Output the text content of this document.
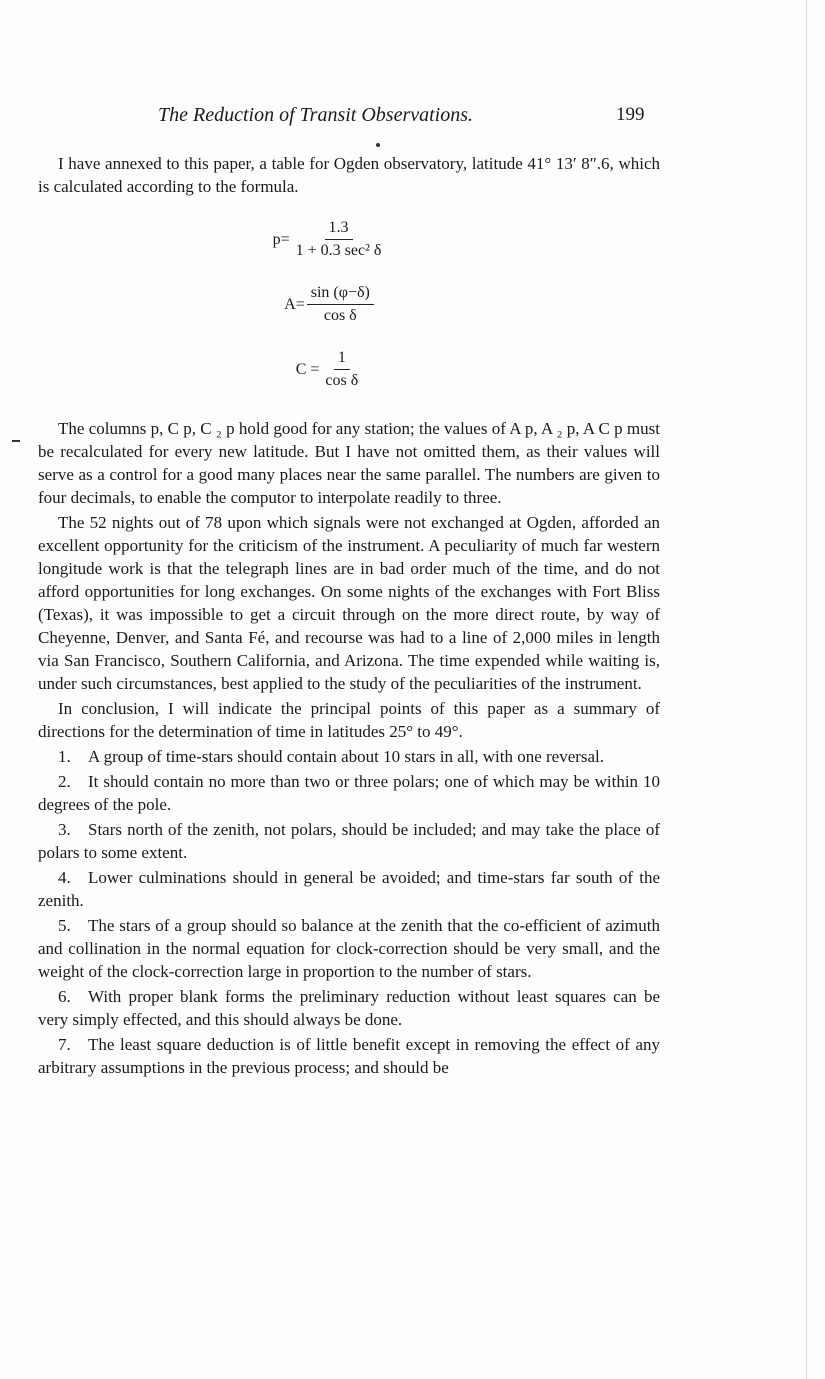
The Reduction of Transit Observations.	199

I have annexed to this paper, a table for Ogden observatory, latitude 41° 13′ 8″.6, which is calculated according to the formula.

$p= \frac{1.3}{\text{1 + 0.3 sec² δ}}$
$A= \frac{\sin (\varphi-\delta)}{\text{cos δ}}$
$C = \frac{1}{\text{cos δ}}$

The columns p, C p, C ₂ p hold good for any station; the values of A p, A ₂ p, A C p must be recalculated for every new latitude. But I have not omitted them, as their values will serve as a control for a good many places near the same parallel. The numbers are given to four decimals, to enable the computor to interpolate readily to three.

The 52 nights out of 78 upon which signals were not exchanged at Ogden, afforded an excellent opportunity for the criticism of the instrument. A peculiarity of much far western longitude work is that the telegraph lines are in bad order much of the time, and do not afford opportunities for long exchanges. On some nights of the exchanges with Fort Bliss (Texas), it was impossible to get a circuit through on the more direct route, by way of Cheyenne, Denver, and Santa Fé, and recourse was had to a line of 2,000 miles in length via San Francisco, Southern California, and Arizona. The time expended while waiting is, under such circumstances, best applied to the study of the peculiarities of the instrument.

In conclusion, I will indicate the principal points of this paper as a summary of directions for the determination of time in latitudes 25° to 49°.

1. A group of time-stars should contain about 10 stars in all, with one reversal.

2. It should contain no more than two or three polars; one of which may be within 10 degrees of the pole.

3. Stars north of the zenith, not polars, should be included; and may take the place of polars to some extent.

4. Lower culminations should in general be avoided; and time-stars far south of the zenith.

5. The stars of a group should so balance at the zenith that the co-efficient of azimuth and collination in the normal equation for clock-correction should be very small, and the weight of the clock-correction large in proportion to the number of stars.

6. With proper blank forms the preliminary reduction without least squares can be very simply effected, and this should always be done.

7. The least square deduction is of little benefit except in removing the effect of any arbitrary assumptions in the previous process; and should be
